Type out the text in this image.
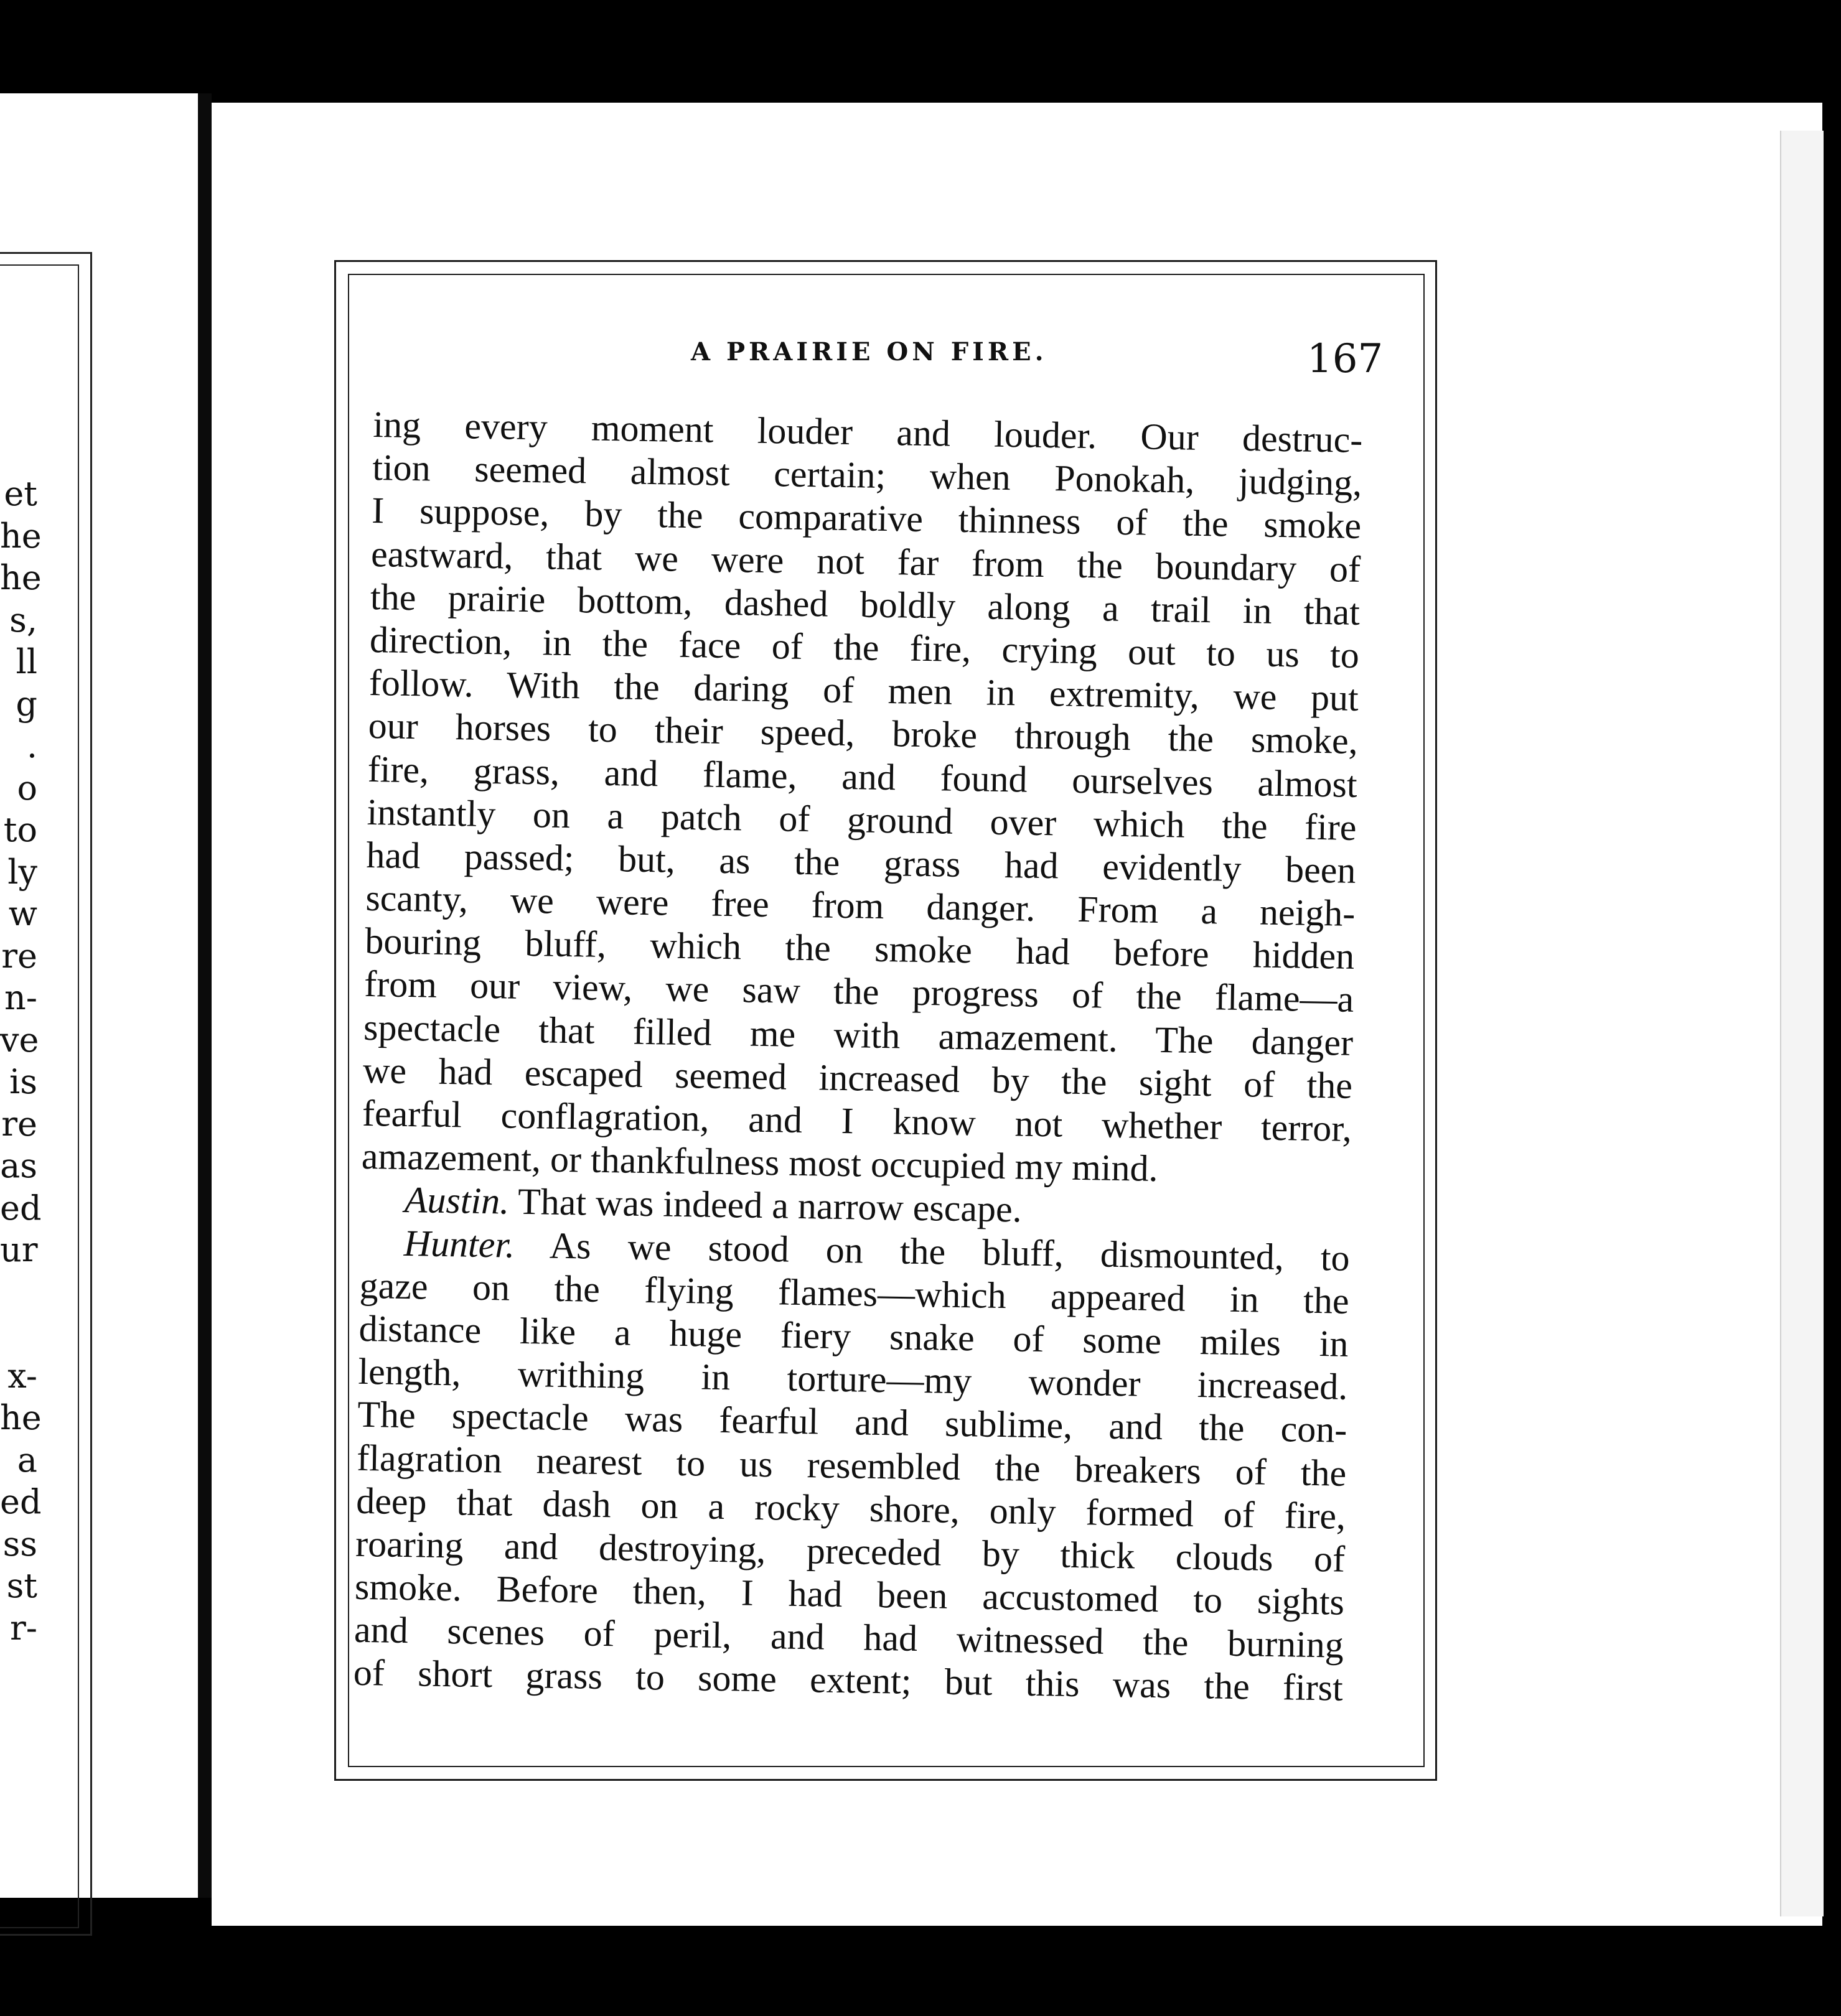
et
he
he
s,
ll
g
.
o
to
ly
w
re
n-
ve
is
re
as
ed
ur
x-
he
a
ed
ss
st
r-
A PRAIRIE ON FIRE.	167
ing every moment louder and louder. Our destruc-
tion seemed almost certain; when Ponokah, judging,
I suppose, by the comparative thinness of the smoke
eastward, that we were not far from the boundary of
the prairie bottom, dashed boldly along a trail in that
direction, in the face of the fire, crying out to us to
follow. With the daring of men in extremity, we put
our horses to their speed, broke through the smoke,
fire, grass, and flame, and found ourselves almost
instantly on a patch of ground over which the fire
had passed; but, as the grass had evidently been
scanty, we were free from danger. From a neigh-
bouring bluff, which the smoke had before hidden
from our view, we saw the progress of the flame—a
spectacle that filled me with amazement. The danger
we had escaped seemed increased by the sight of the
fearful conflagration, and I know not whether terror,
amazement, or thankfulness most occupied my mind.
Austin. That was indeed a narrow escape.
Hunter. As we stood on the bluff, dismounted, to
gaze on the flying flames—which appeared in the
distance like a huge fiery snake of some miles in
length, writhing in torture—my wonder increased.
The spectacle was fearful and sublime, and the con-
flagration nearest to us resembled the breakers of the
deep that dash on a rocky shore, only formed of fire,
roaring and destroying, preceded by thick clouds of
smoke. Before then, I had been accustomed to sights
and scenes of peril, and had witnessed the burning
of short grass to some extent; but this was the first
